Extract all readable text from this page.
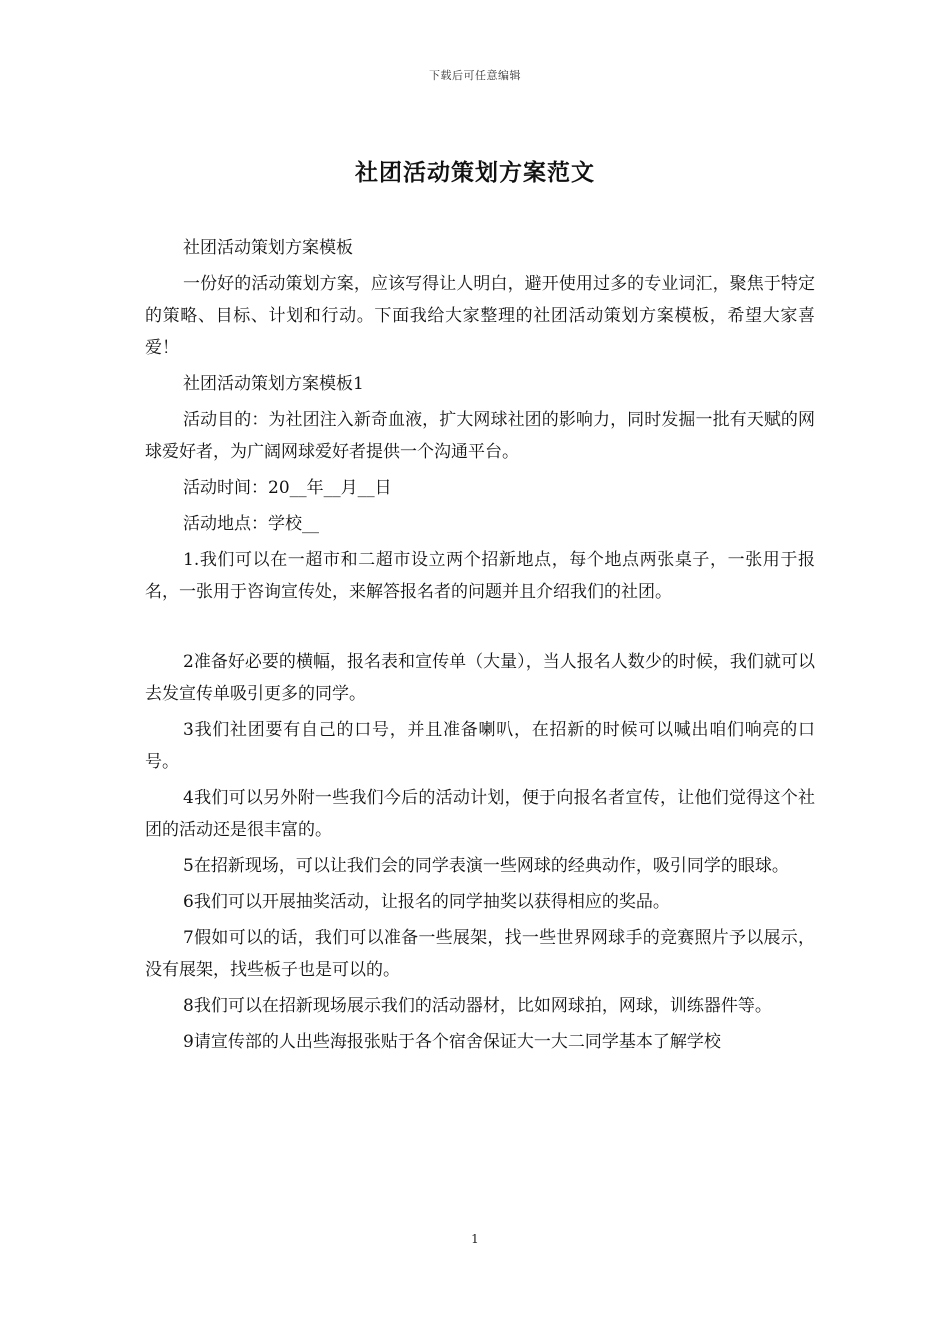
下载后可任意编辑
社团活动策划方案范文

社团活动策划方案模板

一份好的活动策划方案，应该写得让人明白，避开使用过多的专业词汇，聚焦于特定的策略、目标、计划和行动。下面我给大家整理的社团活动策划方案模板，希望大家喜爱！

社团活动策划方案模板1

活动目的：为社团注入新奇血液，扩大网球社团的影响力，同时发掘一批有天赋的网球爱好者，为广阔网球爱好者提供一个沟通平台。

活动时间：20__年__月__日

活动地点：学校__

1.我们可以在一超市和二超市设立两个招新地点，每个地点两张桌子，一张用于报名，一张用于咨询宣传处，来解答报名者的问题并且介绍我们的社团。

2准备好必要的横幅，报名表和宣传单（大量），当人报名人数少的时候，我们就可以去发宣传单吸引更多的同学。

3我们社团要有自己的口号，并且准备喇叭，在招新的时候可以喊出咱们响亮的口号。

4我们可以另外附一些我们今后的活动计划，便于向报名者宣传，让他们觉得这个社团的活动还是很丰富的。

5在招新现场，可以让我们会的同学表演一些网球的经典动作，吸引同学的眼球。

6我们可以开展抽奖活动，让报名的同学抽奖以获得相应的奖品。

7假如可以的话，我们可以准备一些展架，找一些世界网球手的竞赛照片予以展示，没有展架，找些板子也是可以的。

8我们可以在招新现场展示我们的活动器材，比如网球拍，网球，训练器件等。

9请宣传部的人出些海报张贴于各个宿舍保证大一大二同学基本了解学校

1
